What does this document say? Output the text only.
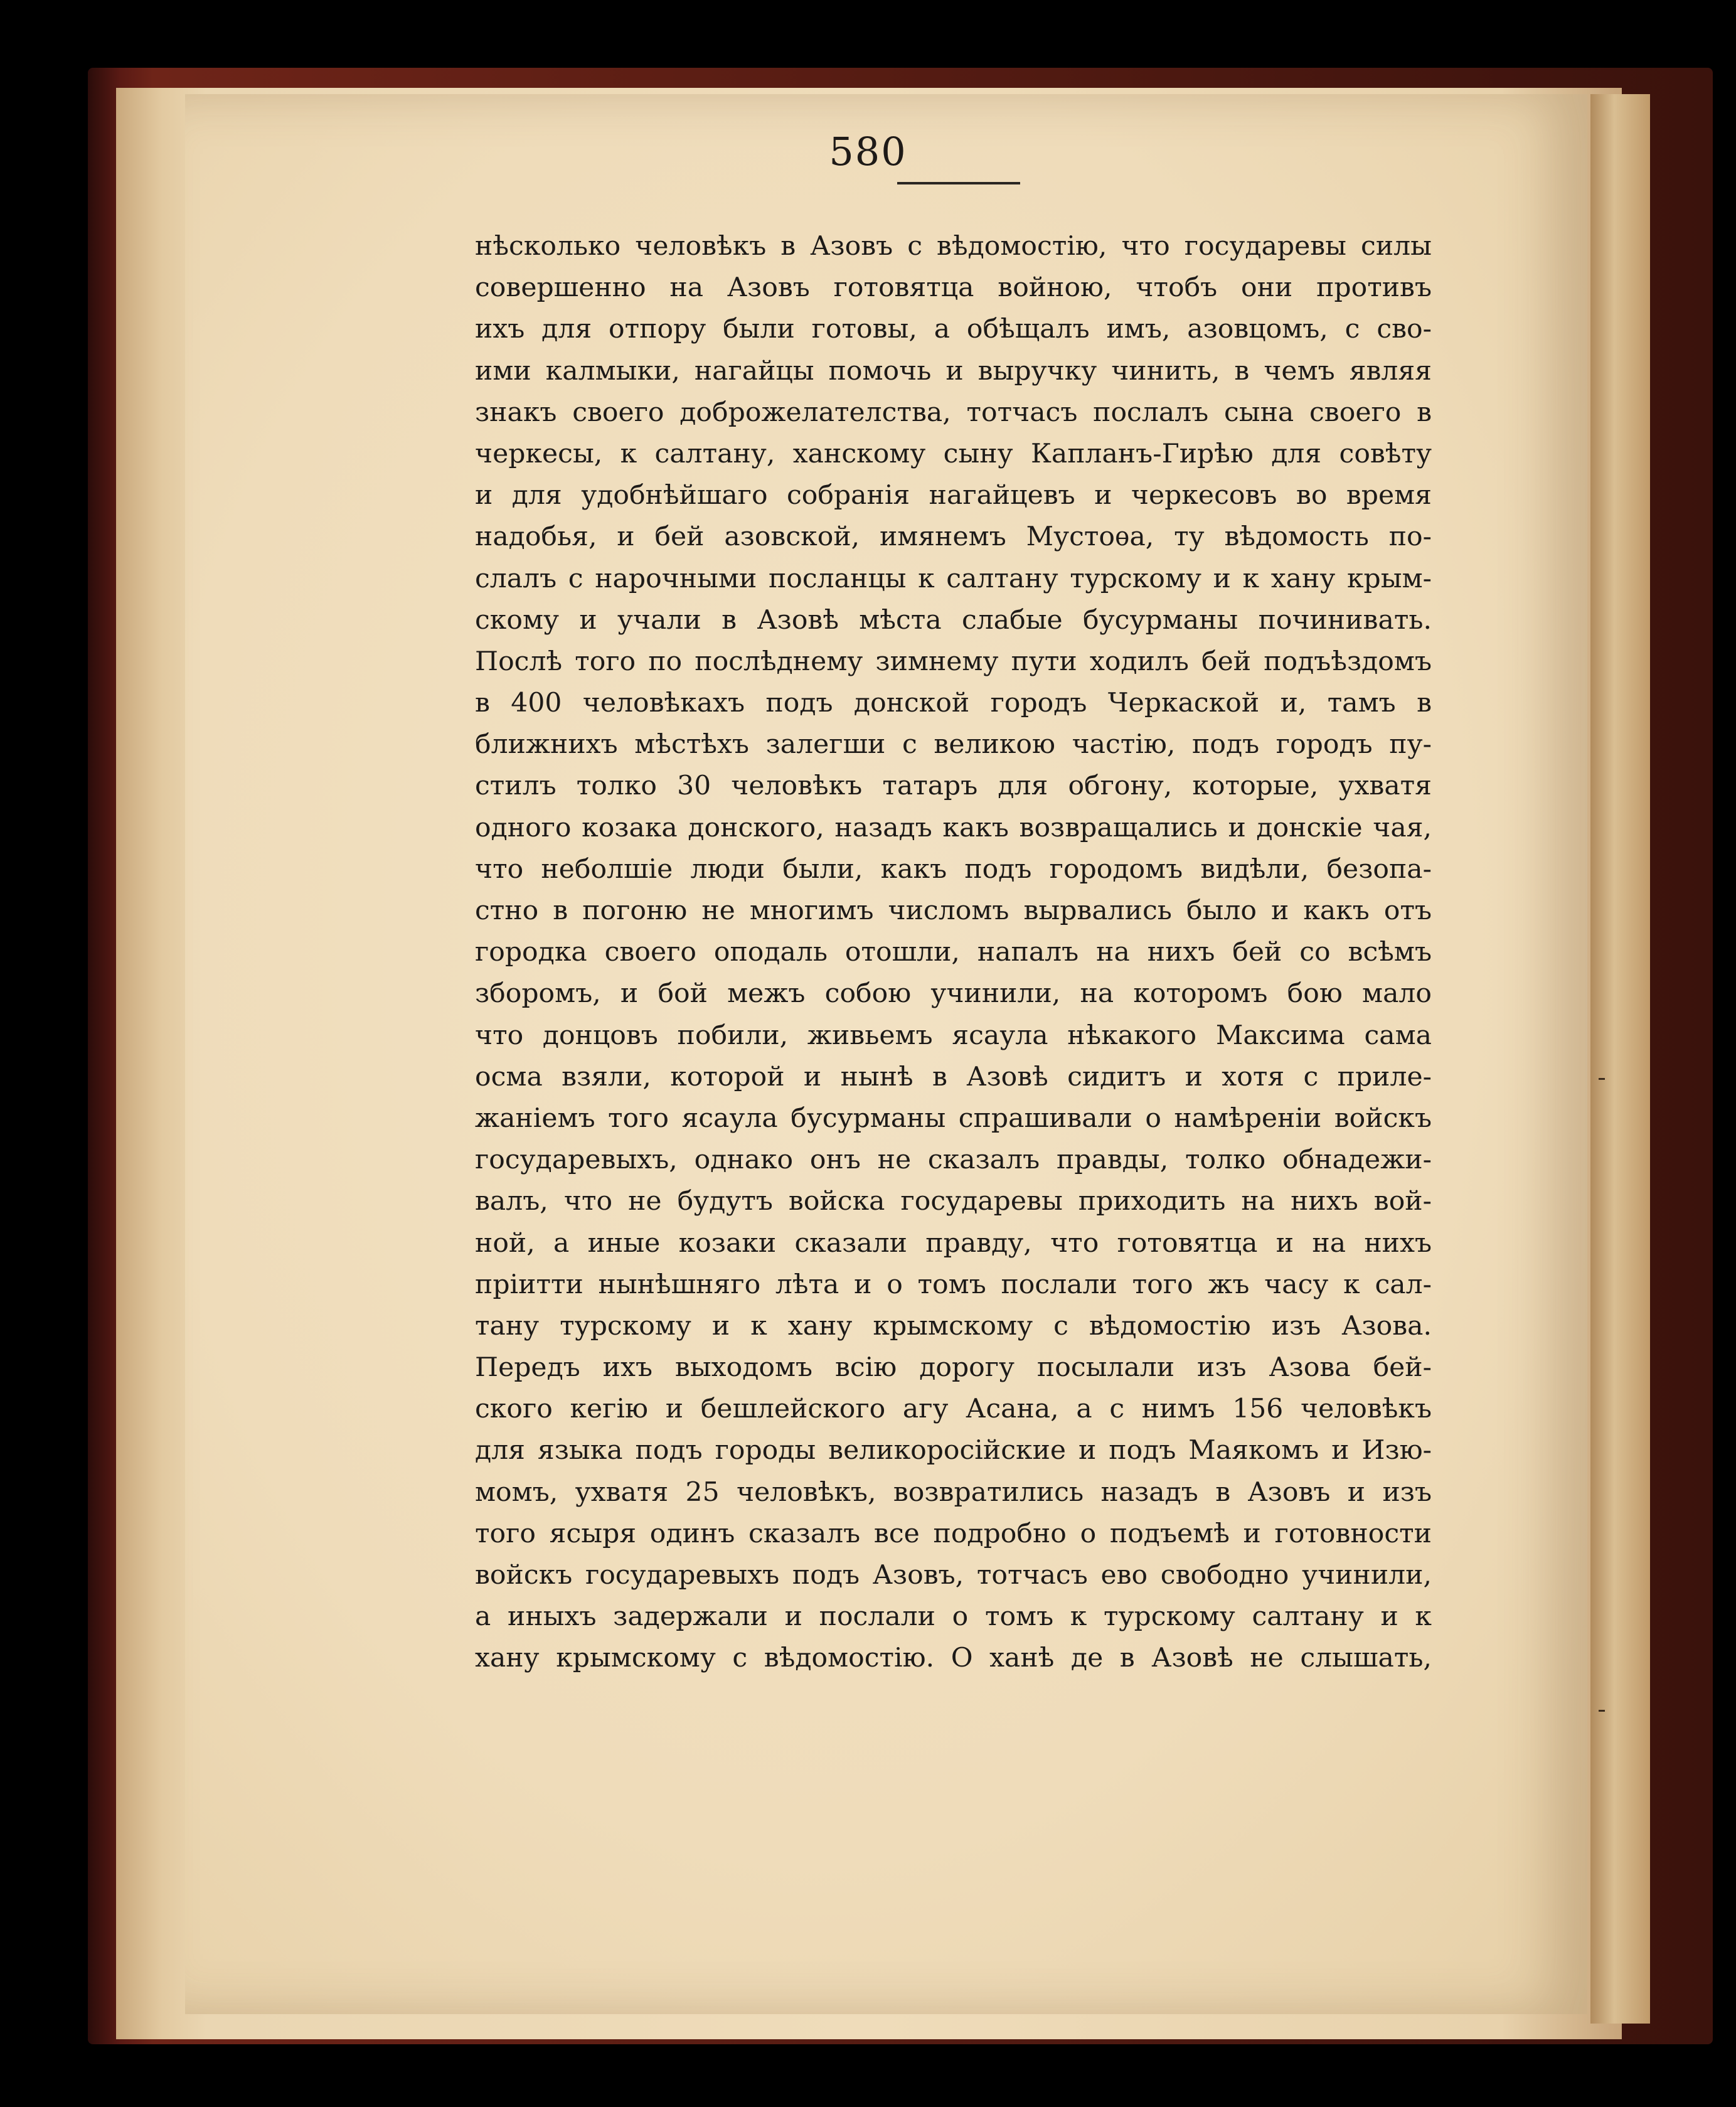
580
нѣсколько человѣкъ в Азовъ с вѣдомостію, что государевы силы
совершенно на Азовъ готовятца войною, чтобъ они противъ
ихъ для отпору были готовы, а обѣщалъ имъ, азовцомъ, с сво-
ими калмыки, нагайцы помочь и выручку чинить, в чемъ являя
знакъ своего доброжелателства, тотчасъ послалъ сына своего в
черкесы, к салтану, ханскому сыну Капланъ-Гирѣю для совѣту
и для удобнѣйшаго собранія нагайцевъ и черкесовъ во время
надобья, и бей азовской, имянемъ Мустоѳа, ту вѣдомость по-
слалъ с нарочными посланцы к салтану турскому и к хану крым-
скому и учали в Азовѣ мѣста слабые бусурманы починивать.
Послѣ того по послѣднему зимнему пути ходилъ бей подъѣздомъ
в 400 человѣкахъ подъ донской городъ Черкаской и, тамъ в
ближнихъ мѣстѣхъ залегши с великою частію, подъ городъ пу-
стилъ толко 30 человѣкъ татаръ для обгону, которые, ухватя
одного козака донского, назадъ какъ возвращались и донскіе чая,
что неболшіе люди были, какъ подъ городомъ видѣли, безопа-
стно в погоню не многимъ числомъ вырвались было и какъ отъ
городка своего оподаль отошли, напалъ на нихъ бей со всѣмъ
зборомъ, и бой межъ собою учинили, на которомъ бою мало
что донцовъ побили, живьемъ ясаула нѣкакого Максима сама
осма взяли, которой и нынѣ в Азовѣ сидитъ и хотя с приле-
жаніемъ того ясаула бусурманы спрашивали о намѣреніи войскъ
государевыхъ, однако онъ не сказалъ правды, толко обнадежи-
валъ, что не будутъ войска государевы приходить на нихъ вой-
ной, а иные козаки сказали правду, что готовятца и на нихъ
пріитти нынѣшняго лѣта и о томъ послали того жъ часу к сал-
тану турскому и к хану крымскому с вѣдомостію изъ Азова.
Передъ ихъ выходомъ всію дорогу посылали изъ Азова бей-
ского кегію и бешлейского агу Асана, а с нимъ 156 человѣкъ
для языка подъ городы великоросійские и подъ Маякомъ и Изю-
момъ, ухватя 25 человѣкъ, возвратились назадъ в Азовъ и изъ
того ясыря одинъ сказалъ все подробно о подъемѣ и готовности
войскъ государевыхъ подъ Азовъ, тотчасъ ево свободно учинили,
а иныхъ задержали и послали о томъ к турскому салтану и к
хану крымскому с вѣдомостію. О ханѣ де в Азовѣ не слышать,
